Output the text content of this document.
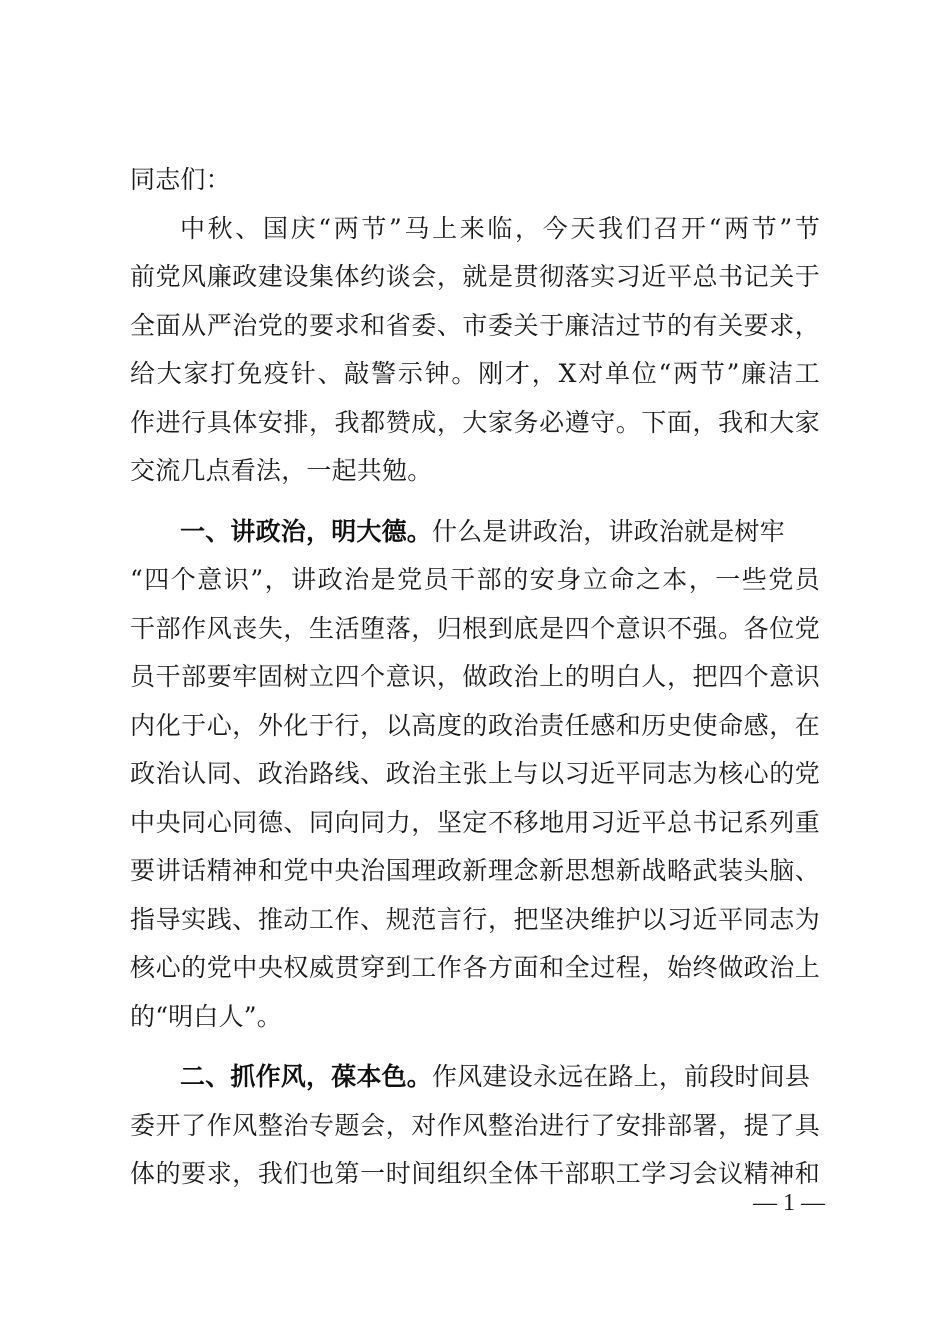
同志们：
中秋、国庆“两节”马上来临，今天我们召开“两节”节
前党风廉政建设集体约谈会，就是贯彻落实习近平总书记关于
全面从严治党的要求和省委、市委关于廉洁过节的有关要求，
给大家打免疫针、敲警示钟。刚才，X对单位“两节”廉洁工
作进行具体安排，我都赞成，大家务必遵守。下面，我和大家
交流几点看法，一起共勉。
一、讲政治，明大德。什么是讲政治，讲政治就是树牢
“四个意识”，讲政治是党员干部的安身立命之本，一些党员
干部作风丧失，生活堕落，归根到底是四个意识不强。各位党
员干部要牢固树立四个意识，做政治上的明白人，把四个意识
内化于心，外化于行，以高度的政治责任感和历史使命感，在
政治认同、政治路线、政治主张上与以习近平同志为核心的党
中央同心同德、同向同力，坚定不移地用习近平总书记系列重
要讲话精神和党中央治国理政新理念新思想新战略武装头脑、
指导实践、推动工作、规范言行，把坚决维护以习近平同志为
核心的党中央权威贯穿到工作各方面和全过程，始终做政治上
的“明白人”。
二、抓作风，葆本色。作风建设永远在路上，前段时间县
委开了作风整治专题会，对作风整治进行了安排部署，提了具
体的要求，我们也第一时间组织全体干部职工学习会议精神和
— 1 —
